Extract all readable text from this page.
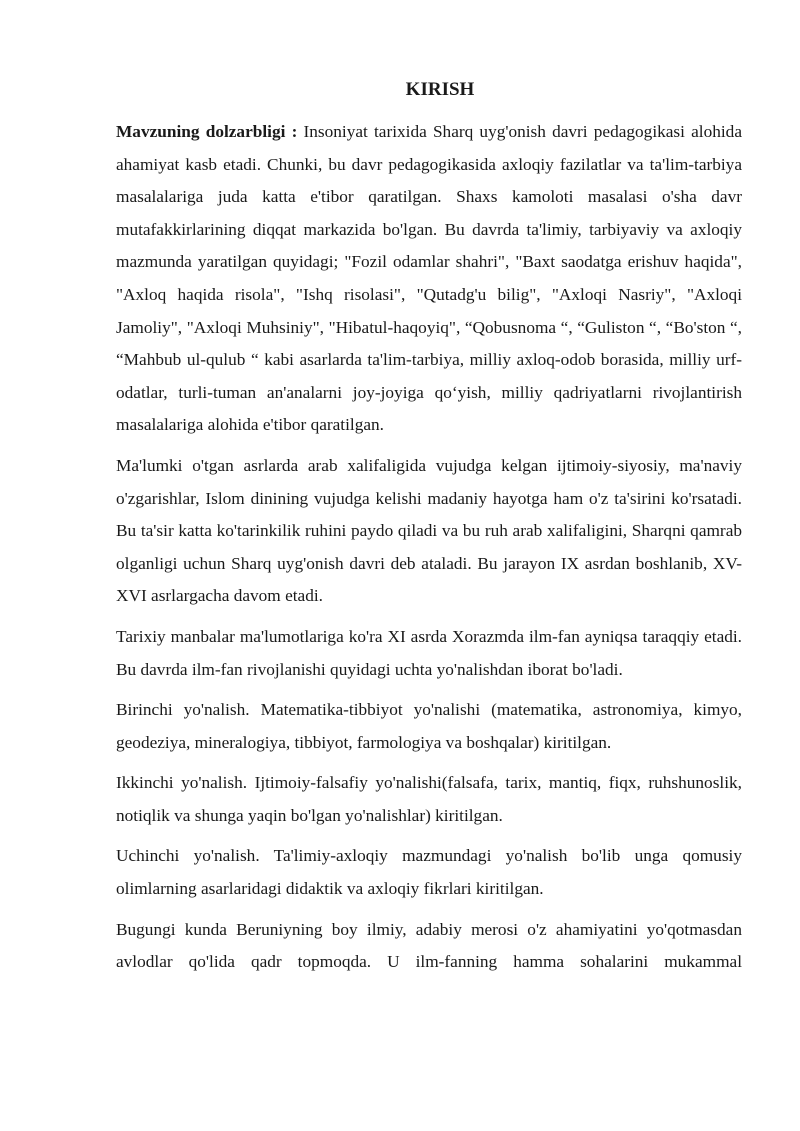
KIRISH

Mavzuning dolzarbligi : Insoniyat tarixida Sharq uyg'onish davri pedagogikasi alohida ahamiyat kasb etadi. Chunki, bu davr pedagogikasida axloqiy fazilatlar va ta'lim-tarbiya masalalariga juda katta e'tibor qaratilgan. Shaxs kamoloti masalasi o'sha davr mutafakkirlarining diqqat markazida bo'lgan. Bu davrda ta'limiy, tarbiyaviy va axloqiy mazmunda yaratilgan quyidagi; "Fozil odamlar shahri", "Baxt saodatga erishuv haqida", "Axloq haqida risola", "Ishq risolasi", "Qutadg'u bilig", "Axloqi Nasriy", "Axloqi Jamoliy", "Axloqi Muhsiniy", "Hibatul-haqoyiq", “Qobusnoma “, “Guliston “, “Bo'ston “, “Mahbub ul-qulub “ kabi asarlarda ta'lim-tarbiya, milliy axloq-odob borasida, milliy urf-odatlar, turli-tuman an'analarni joy-joyiga qo‘yish, milliy qadriyatlarni rivojlantirish masalalariga alohida e'tibor qaratilgan.

Ma'lumki o'tgan asrlarda arab xalifaligida vujudga kelgan ijtimoiy-siyosiy, ma'naviy o'zgarishlar, Islom dinining vujudga kelishi madaniy hayotga ham o'z ta'sirini ko'rsatadi. Bu ta'sir katta ko'tarinkilik ruhini paydo qiladi va bu ruh arab xalifaligini, Sharqni qamrab olganligi uchun Sharq uyg'onish davri deb ataladi. Bu jarayon IX asrdan boshlanib, XV-XVI asrlargacha davom etadi.

Tarixiy manbalar ma'lumotlariga ko'ra XI asrda Xorazmda ilm-fan ayniqsa taraqqiy etadi. Bu davrda ilm-fan rivojlanishi quyidagi uchta yo'nalishdan iborat bo'ladi.

Birinchi yo'nalish. Matematika-tibbiyot yo'nalishi (matematika, astronomiya, kimyo, geodeziya, mineralogiya, tibbiyot, farmologiya va boshqalar) kiritilgan.

Ikkinchi yo'nalish. Ijtimoiy-falsafiy yo'nalishi(falsafa, tarix, mantiq, fiqx, ruhshunoslik, notiqlik va shunga yaqin bo'lgan yo'nalishlar) kiritilgan.

Uchinchi yo'nalish. Ta'limiy-axloqiy mazmundagi yo'nalish bo'lib unga qomusiy olimlarning asarlaridagi didaktik va axloqiy fikrlari kiritilgan.

Bugungi kunda Beruniyning boy ilmiy, adabiy merosi o'z ahamiyatini yo'qotmasdan avlodlar qo'lida qadr topmoqda. U ilm-fanning hamma sohalarini mukammal
